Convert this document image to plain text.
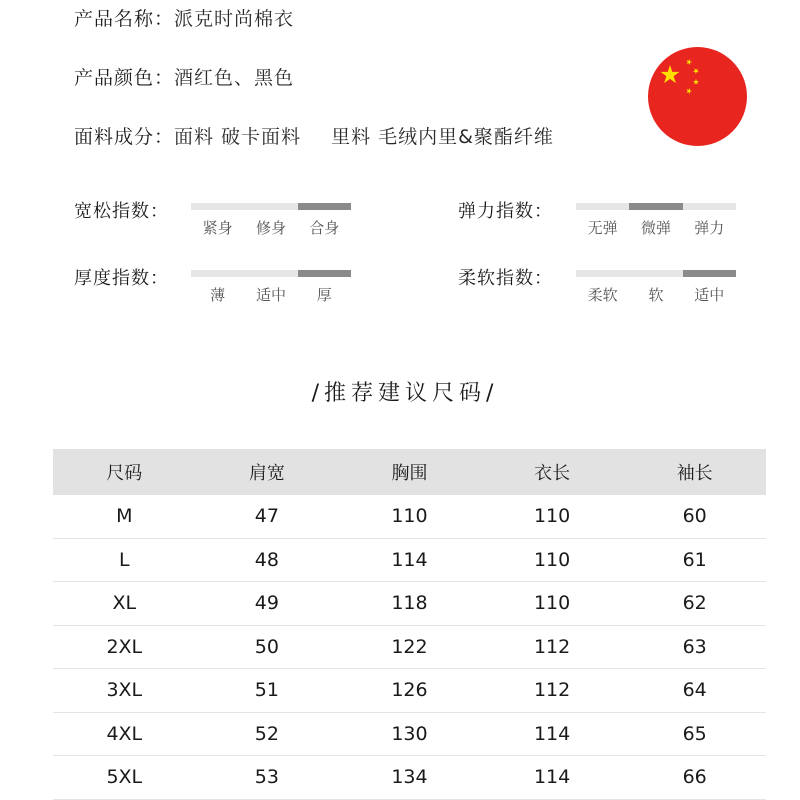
产品名称：派克时尚棉衣
产品颜色：酒红色、黑色
面料成分：面料 破卡面料 里料 毛绒内里&聚酯纤维
宽松指数：
紧身	修身	合身
弹力指数：
无弹	微弹	弹力
厚度指数：
薄	适中	厚
柔软指数：
柔软	软	适中
/推荐建议尺码/
尺码	肩宽	胸围	衣长	袖长
M	47	110	110	60
L	48	114	110	61
XL	49	118	110	62
2XL	50	122	112	63
3XL	51	126	112	64
4XL	52	130	114	65
5XL	53	134	114	66
